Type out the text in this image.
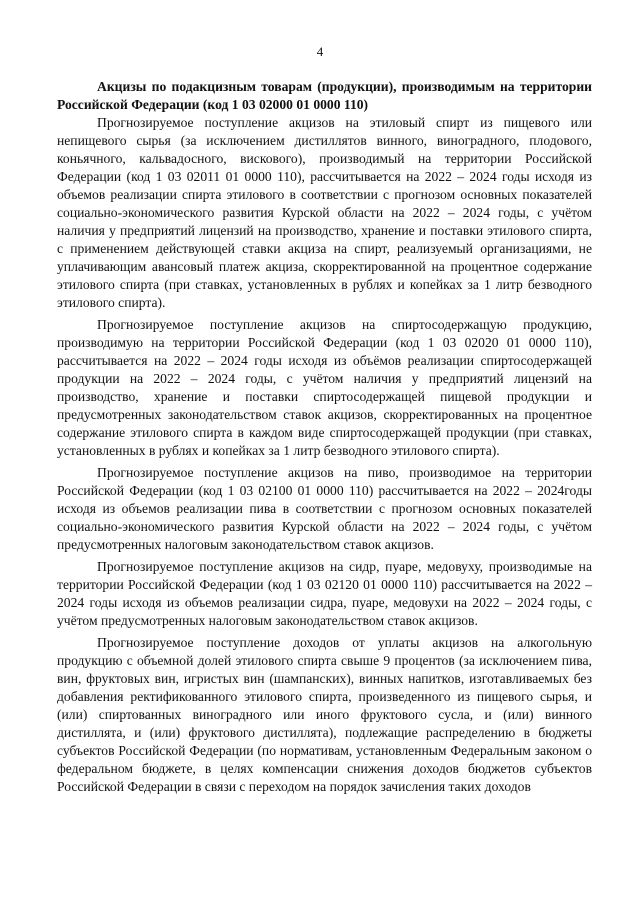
4

Акцизы по подакцизным товарам (продукции), производимым на территории Российской Федерации (код 1 03 02000 01 0000 110)

Прогнозируемое поступление акцизов на этиловый спирт из пищевого или непищевого сырья (за исключением дистиллятов винного, виноградного, плодового, коньячного, кальвадосного, вискового), производимый на территории Российской Федерации (код 1 03 02011 01 0000 110), рассчитывается на 2022 – 2024 годы исходя из объемов реализации спирта этилового в соответствии с прогнозом основных показателей социально-экономического развития Курской области на 2022 – 2024 годы, с учётом наличия у предприятий лицензий на производство, хранение и поставки этилового спирта, с применением действующей ставки акциза на спирт, реализуемый организациями, не уплачивающим авансовый платеж акциза, скорректированной на процентное содержание этилового спирта (при ставках, установленных в рублях и копейках за 1 литр безводного этилового спирта).

Прогнозируемое поступление акцизов на спиртосодержащую продукцию, производимую на территории Российской Федерации (код 1 03 02020 01 0000 110), рассчитывается на 2022 – 2024 годы исходя из объёмов реализации спиртосодержащей продукции на 2022 – 2024 годы, с учётом наличия у предприятий лицензий на производство, хранение и поставки спиртосодержащей пищевой продукции и предусмотренных законодательством ставок акцизов, скорректированных на процентное содержание этилового спирта в каждом виде спиртосодержащей продукции (при ставках, установленных в рублях и копейках за 1 литр безводного этилового спирта).

Прогнозируемое поступление акцизов на пиво, производимое на территории Российской Федерации (код 1 03 02100 01 0000 110) рассчитывается на 2022 – 2024годы исходя из объемов реализации пива в соответствии с прогнозом основных показателей социально-экономического развития Курской области на 2022 – 2024 годы, с учётом предусмотренных налоговым законодательством ставок акцизов.

Прогнозируемое поступление акцизов на сидр, пуаре, медовуху, производимые на территории Российской Федерации (код 1 03 02120 01 0000 110) рассчитывается на 2022 – 2024 годы исходя из объемов реализации сидра, пуаре, медовухи на 2022 – 2024 годы, с учётом предусмотренных налоговым законодательством ставок акцизов.

Прогнозируемое поступление доходов от уплаты акцизов на алкогольную продукцию с объемной долей этилового спирта свыше 9 процентов (за исключением пива, вин, фруктовых вин, игристых вин (шампанских), винных напитков, изготавливаемых без добавления ректификованного этилового спирта, произведенного из пищевого сырья, и (или) спиртованных виноградного или иного фруктового сусла, и (или) винного дистиллята, и (или) фруктового дистиллята), подлежащие распределению в бюджеты субъектов Российской Федерации (по нормативам, установленным Федеральным законом о федеральном бюджете, в целях компенсации снижения доходов бюджетов субъектов Российской Федерации в связи с переходом на порядок зачисления таких доходов
